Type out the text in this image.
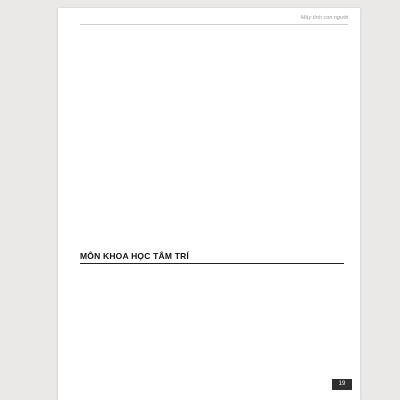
Máy tính con người
MÔN KHOA HỌC TÂM TRÍ
19
